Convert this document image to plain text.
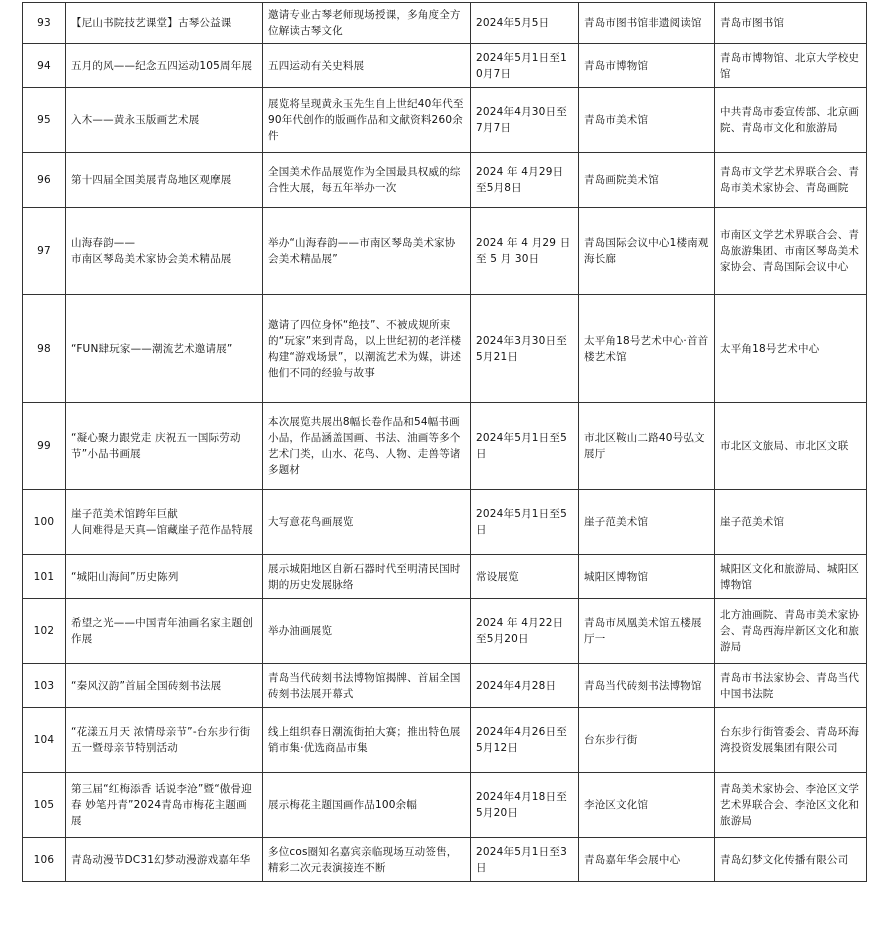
93	【尼山书院技艺课堂】古琴公益课	邀请专业古琴老师现场授课，多角度全方位解读古琴文化	2024年5月5日	青岛市图书馆非遗阅读馆	青岛市图书馆
94	五月的风——纪念五四运动105周年展	五四运动有关史料展	2024年5月1日至10月7日	青岛市博物馆	青岛市博物馆、北京大学校史馆
95	入木——黄永玉版画艺术展	展览将呈现黄永玉先生自上世纪40年代至90年代创作的版画作品和文献资料260余件	2024年4月30日至7月7日	青岛市美术馆	中共青岛市委宣传部、北京画院、青岛市文化和旅游局
96	第十四届全国美展青岛地区观摩展	全国美术作品展览作为全国最具权威的综合性大展，每五年举办一次	2024 年 4月29日至5月8日	青岛画院美术馆	青岛市文学艺术界联合会、青岛市美术家协会、青岛画院
97	山海春韵——
市南区琴岛美术家协会美术精品展	举办“山海春韵——市南区琴岛美术家协会美术精品展”	2024 年 4 月29 日至 5 月 30日	青岛国际会议中心1楼南观海长廊	市南区文学艺术界联合会、青岛旅游集团、市南区琴岛美术家协会、青岛国际会议中心
98	“FUN肆玩家——潮流艺术邀请展”	邀请了四位身怀“绝技”、不被成规所束的“玩家”来到青岛，以上世纪初的老洋楼构建“游戏场景”，以潮流艺术为媒，讲述他们不同的经验与故事	2024年3月30日至5月21日	太平角18号艺术中心·首首楼艺术馆	太平角18号艺术中心
99	“凝心聚力跟党走 庆祝五一国际劳动节”小品书画展	本次展览共展出8幅长卷作品和54幅书画小品，作品涵盖国画、书法、油画等多个艺术门类，山水、花鸟、人物、走兽等诸多题材	2024年5月1日至5日	市北区鞍山二路40号弘文展厅	市北区文旅局、市北区文联
100	崖子范美术馆跨年巨献
人间难得是天真—馆藏崖子范作品特展	大写意花鸟画展览	2024年5月1日至5日	崖子范美术馆	崖子范美术馆
101	“城阳山海间”历史陈列	展示城阳地区自新石器时代至明清民国时期的历史发展脉络	常设展览	城阳区博物馆	城阳区文化和旅游局、城阳区博物馆
102	希望之光——中国青年油画名家主题创作展	举办油画展览	2024 年 4月22日至5月20日	青岛市凤凰美术馆五楼展厅一	北方油画院、青岛市美术家协会、青岛西海岸新区文化和旅游局
103	“秦风汉韵”首届全国砖刻书法展	青岛当代砖刻书法博物馆揭牌、首届全国砖刻书法展开幕式	2024年4月28日	青岛当代砖刻书法博物馆	青岛市书法家协会、青岛当代中国书法院
104	“花漾五月天 浓情母亲节”-台东步行街五一暨母亲节特别活动	线上组织春日潮流街拍大赛；推出特色展销市集·优选商品市集	2024年4月26日至5月12日	台东步行街	台东步行街管委会、青岛环海湾投资发展集团有限公司
105	第三届“红梅添香 话说李沧”暨“傲骨迎春 妙笔丹青”2024青岛市梅花主题画展	展示梅花主题国画作品100余幅	2024年4月18日至5月20日	李沧区文化馆	青岛美术家协会、李沧区文学艺术界联合会、李沧区文化和旅游局
106	青岛动漫节DC31幻梦动漫游戏嘉年华	多位cos圈知名嘉宾亲临现场互动签售，精彩二次元表演接连不断	2024年5月1日至3日	青岛嘉年华会展中心	青岛幻梦文化传播有限公司
